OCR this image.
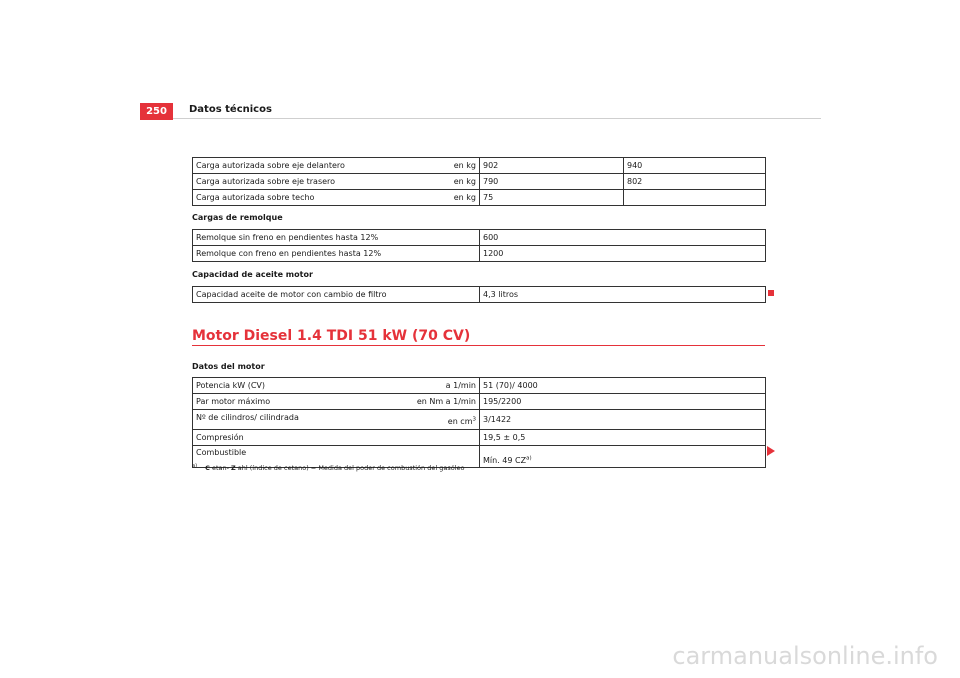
250	Datos técnicos
Carga autorizada sobre eje delantero en kg	902	940

Carga autorizada sobre eje trasero en kg	790	802

Carga autorizada sobre techo en kg	75	
Cargas de remolque
Remolque sin freno en pendientes hasta 12%	600
Remolque con freno en pendientes hasta 12%	1200
Capacidad de aceite motor
Capacidad aceite de motor con cambio de filtro	4,3 litros
Motor Diesel 1.4 TDI 51 kW (70 CV)
Datos del motor
Potencia kW (CV) a 1/min	51 (70)/ 4000

Par motor máximo en Nm a 1/min	195/2200

Nº de cilindros/ cilindrada en $cm^3$	3/1422
Compresión	19,5 ± 0,5
Combustible	Mín. 49 CZ$^{a)}$
$^{a)}$ C etan- Z ahl (índice de cetano) = Medida del poder de combustión del gasóleo
carmanualsonline.info
